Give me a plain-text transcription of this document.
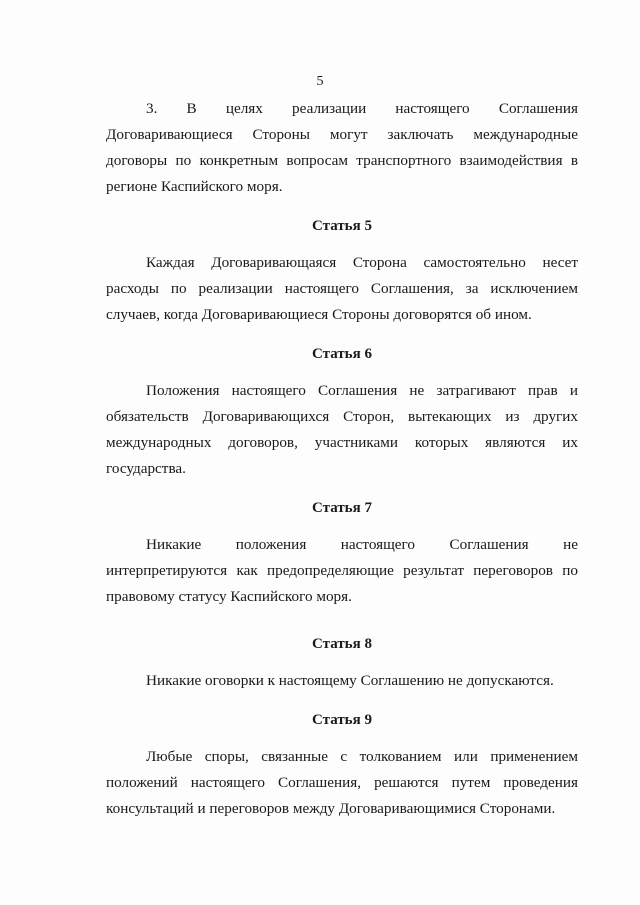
5

3. В целях реализации настоящего Соглашения Договаривающиеся Стороны могут заключать международные договоры по конкретным вопросам транспортного взаимодействия в регионе Каспийского моря.

Статья 5

Каждая Договаривающаяся Сторона самостоятельно несет расходы по реализации настоящего Соглашения, за исключением случаев, когда Договаривающиеся Стороны договорятся об ином.

Статья 6

Положения настоящего Соглашения не затрагивают прав и обязательств Договаривающихся Сторон, вытекающих из других международных договоров, участниками которых являются их государства.

Статья 7

Никакие положения настоящего Соглашения не интерпретируются как предопределяющие результат переговоров по правовому статусу Каспийского моря.

Статья 8

Никакие оговорки к настоящему Соглашению не допускаются.

Статья 9

Любые споры, связанные с толкованием или применением положений настоящего Соглашения, решаются путем проведения консультаций и переговоров между Договаривающимися Сторонами.
